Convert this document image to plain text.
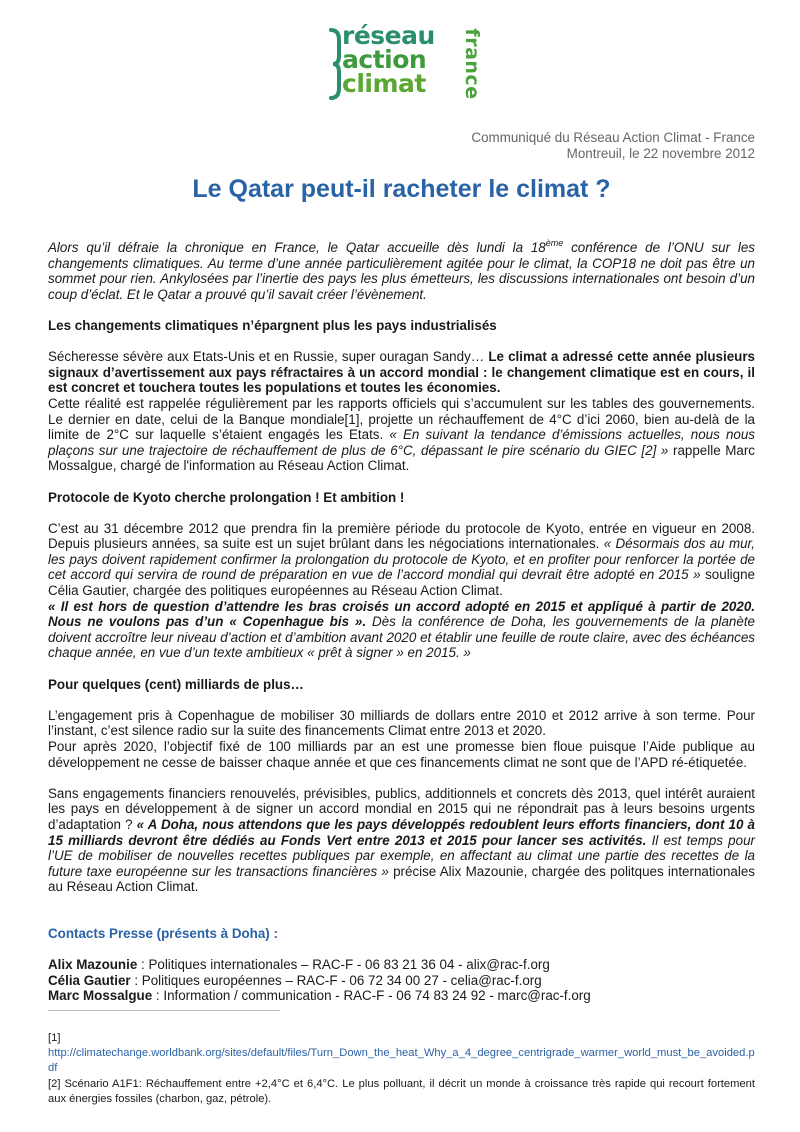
réseau
action
climat	france
Communiqué du Réseau Action Climat - France
Montreuil, le 22 novembre 2012
Le Qatar peut-il racheter le climat ?

Alors qu’il défraie la chronique en France, le Qatar accueille dès lundi la 18ème conférence de l’ONU sur les changements climatiques. Au terme d’une année particulièrement agitée pour le climat, la COP18 ne doit pas être un sommet pour rien. Ankylosées par l’inertie des pays les plus émetteurs, les discussions internationales ont besoin d’un coup d’éclat. Et le Qatar a prouvé qu’il savait créer l’évènement.

Les changements climatiques n’épargnent plus les pays industrialisés

Sécheresse sévère aux Etats-Unis et en Russie, super ouragan Sandy… Le climat a adressé cette année plusieurs signaux d’avertissement aux pays réfractaires à un accord mondial : le changement climatique est en cours, il est concret et touchera toutes les populations et toutes les économies.

Cette réalité est rappelée régulièrement par les rapports officiels qui s’accumulent sur les tables des gouvernements. Le dernier en date, celui de la Banque mondiale[1], projette un réchauffement de 4°C d’ici 2060, bien au-delà de la limite de 2°C sur laquelle s’étaient engagés les Etats. « En suivant la tendance d’émissions actuelles, nous nous plaçons sur une trajectoire de réchauffement de plus de 6°C, dépassant le pire scénario du GIEC [2] » rappelle Marc Mossalgue, chargé de l'information au Réseau Action Climat.

Protocole de Kyoto cherche prolongation ! Et ambition !

C’est au 31 décembre 2012 que prendra fin la première période du protocole de Kyoto, entrée en vigueur en 2008. Depuis plusieurs années, sa suite est un sujet brûlant dans les négociations internationales. « Désormais dos au mur, les pays doivent rapidement confirmer la prolongation du protocole de Kyoto, et en profiter pour renforcer la portée de cet accord qui servira de round de préparation en vue de l’accord mondial qui devrait être adopté en 2015 » souligne Célia Gautier, chargée des politiques européennes au Réseau Action Climat.

« Il est hors de question d’attendre les bras croisés un accord adopté en 2015 et appliqué à partir de 2020. Nous ne voulons pas d’un « Copenhague bis ». Dès la conférence de Doha, les gouvernements de la planète doivent accroître leur niveau d’action et d’ambition avant 2020 et établir une feuille de route claire, avec des échéances chaque année, en vue d’un texte ambitieux « prêt à signer » en 2015. »

Pour quelques (cent) milliards de plus…

L’engagement pris à Copenhague de mobiliser 30 milliards de dollars entre 2010 et 2012 arrive à son terme. Pour l’instant, c’est silence radio sur la suite des financements Climat entre 2013 et 2020.

Pour après 2020, l’objectif fixé de 100 milliards par an est une promesse bien floue puisque l’Aide publique au développement ne cesse de baisser chaque année et que ces financements climat ne sont que de l’APD ré-étiquetée.

Sans engagements financiers renouvelés, prévisibles, publics, additionnels et concrets dès 2013, quel intérêt auraient les pays en développement à de signer un accord mondial en 2015 qui ne répondrait pas à leurs besoins urgents d’adaptation ? « A Doha, nous attendons que les pays développés redoublent leurs efforts financiers, dont 10 à 15 milliards devront être dédiés au Fonds Vert entre 2013 et 2015 pour lancer ses activités. Il est temps pour l’UE de mobiliser de nouvelles recettes publiques par exemple, en affectant au climat une partie des recettes de la future taxe européenne sur les transactions financières » précise Alix Mazounie, chargée des politques internationales au Réseau Action Climat.

Contacts Presse (présents à Doha) :

Alix Mazounie : Politiques internationales – RAC-F - 06 83 21 36 04 - alix@rac-f.org

Célia Gautier : Politiques européennes – RAC-F - 06 72 34 00 27 - celia@rac-f.org

Marc Mossalgue : Information / communication - RAC-F - 06 74 83 24 92 - marc@rac-f.org

[1]

http://climatechange.worldbank.org/sites/default/files/Turn_Down_the_heat_Why_a_4_degree_centrigrade_warmer_world_must_be_avoided.pdf

[2] Scénario A1F1: Réchauffement entre +2,4°C et 6,4°C. Le plus polluant, il décrit un monde à croissance très rapide qui recourt fortement aux énergies fossiles (charbon, gaz, pétrole).
